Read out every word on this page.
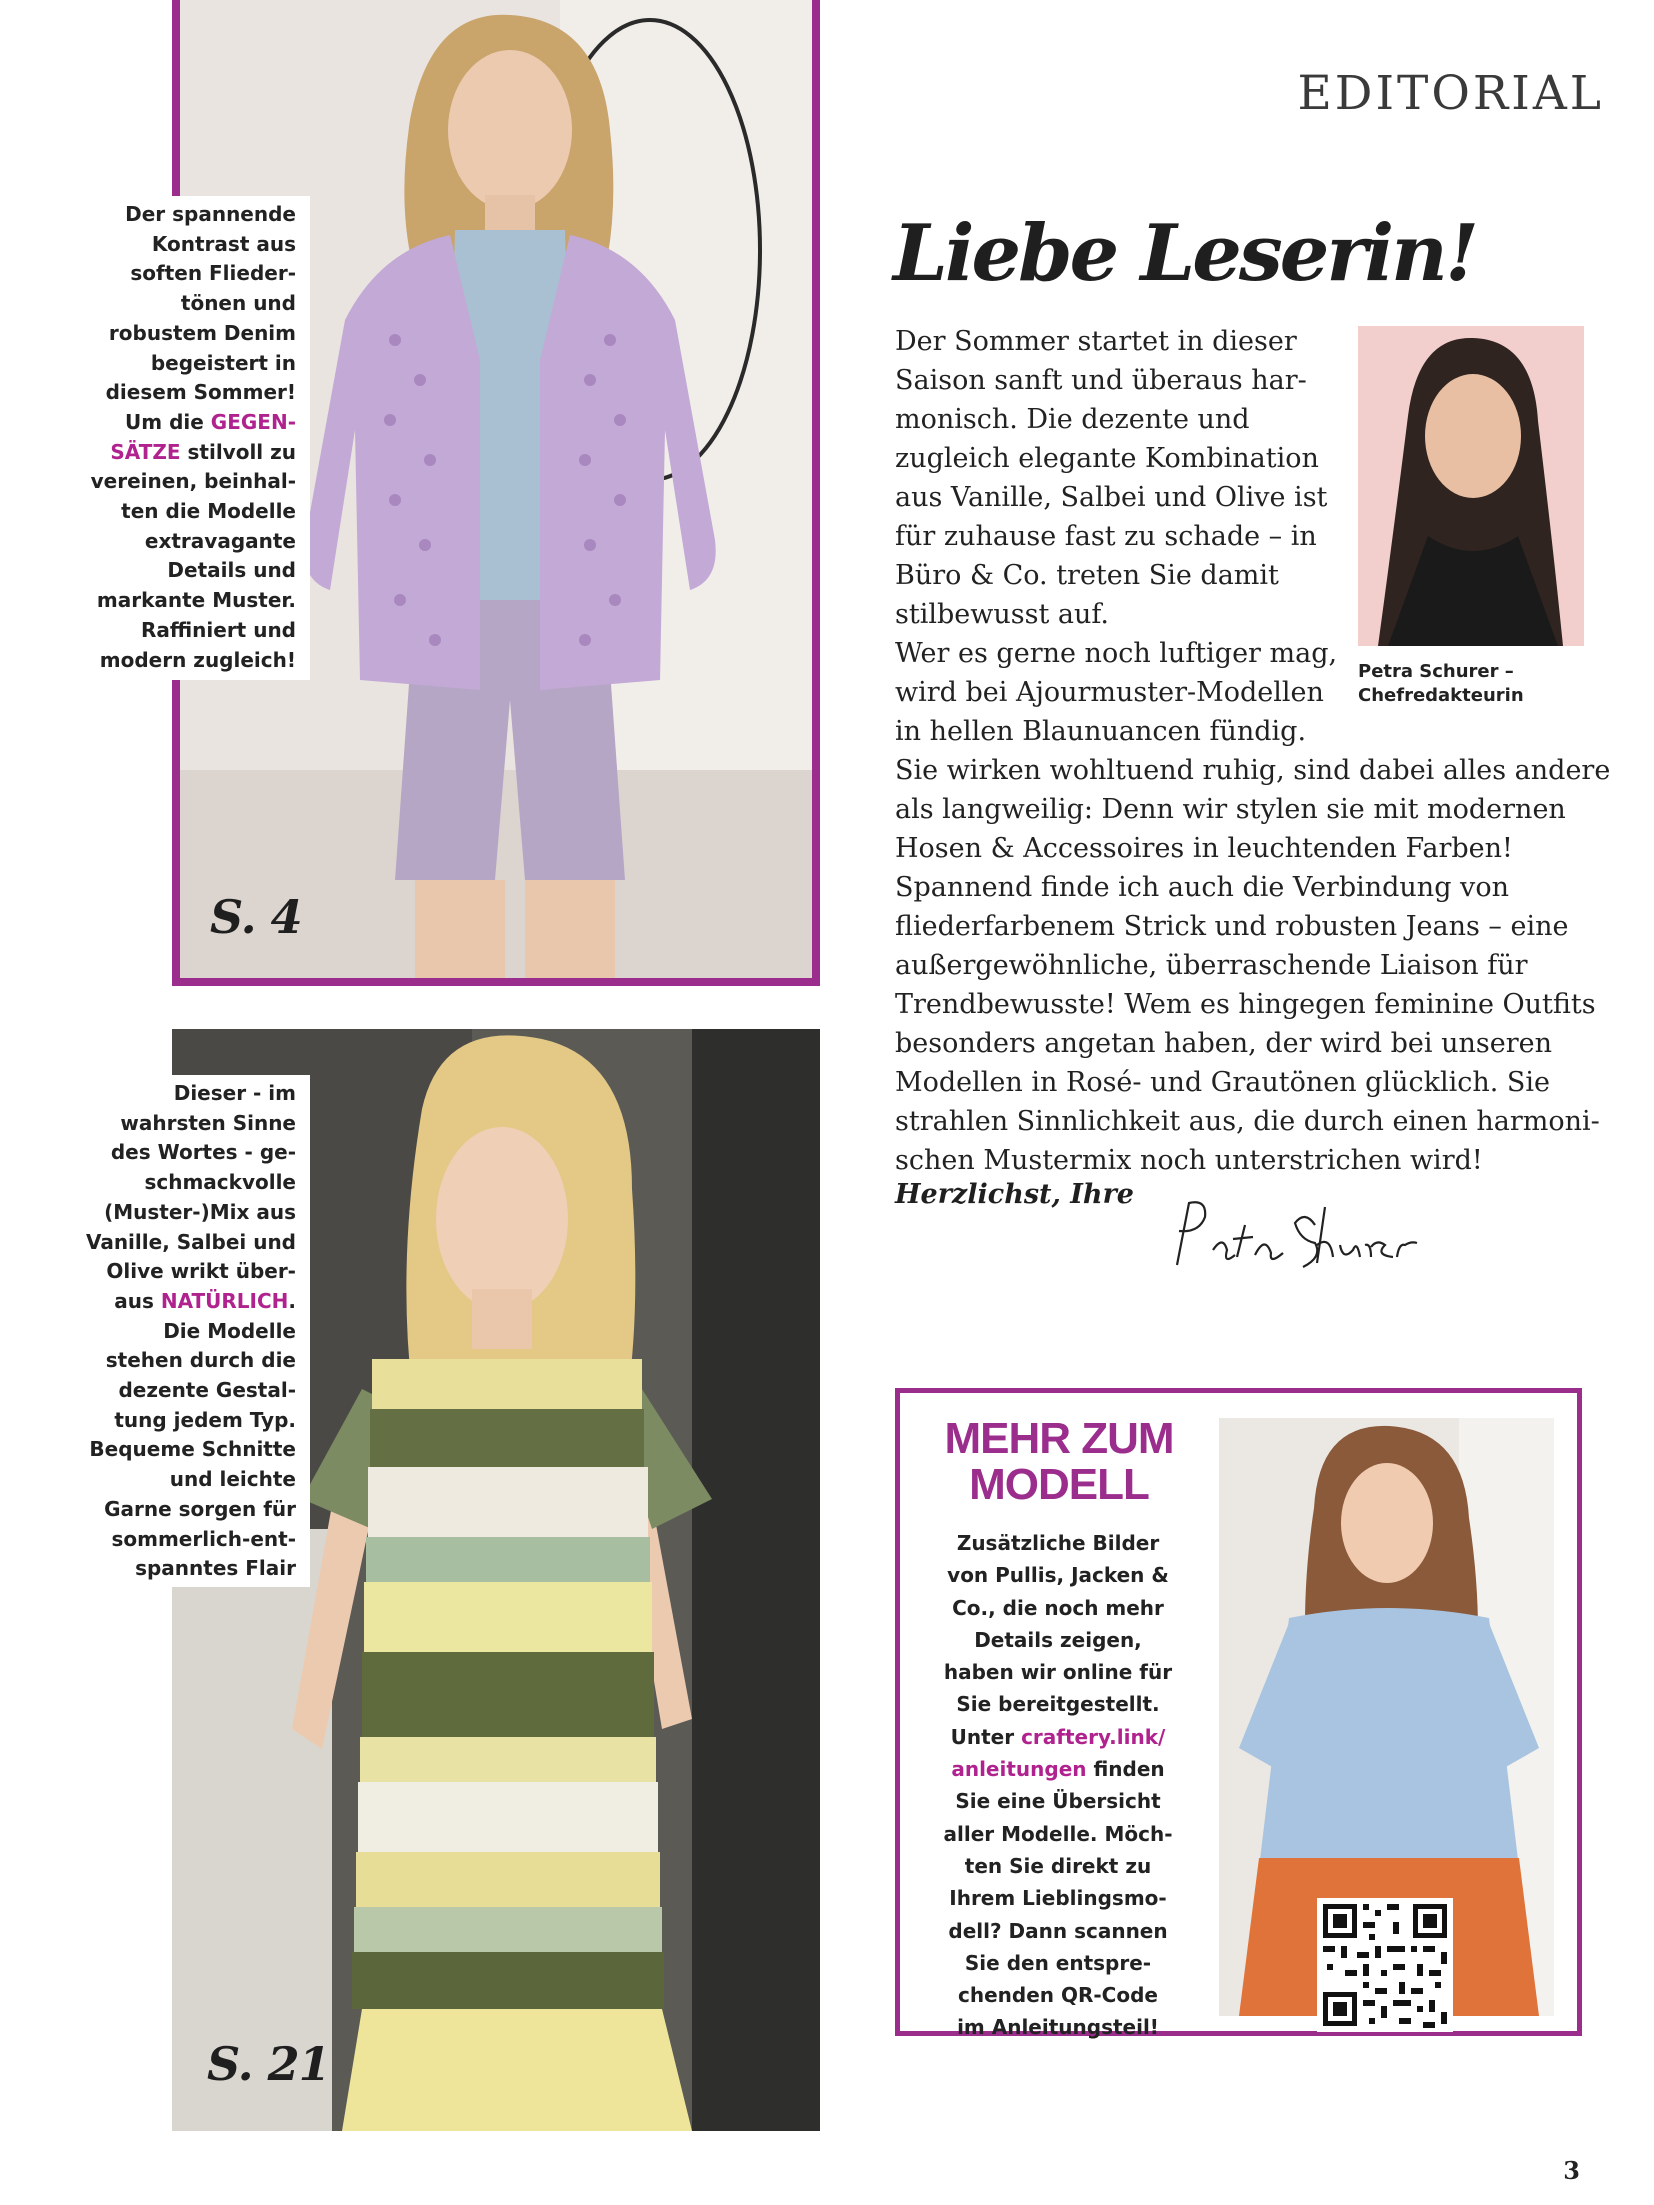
EDITORIAL
S. 4
Der spannende
Kontrast aus
soften Flieder-
tönen und
robustem Denim
begeistert in
diesem Sommer!
Um die GEGEN-
SÄTZE stilvoll zu
vereinen, beinhal-
ten die Modelle
extravagante
Details und
markante Muster.
Raffiniert und
modern zugleich!
S. 21
Dieser - im
wahrsten Sinne
des Wortes - ge-
schmackvolle
(Muster-)Mix aus
Vanille, Salbei und
Olive wrikt über-
aus NATÜRLICH.
Die Modelle
stehen durch die
dezente Gestal-
tung jedem Typ.
Bequeme Schnitte
und leichte
Garne sorgen für
sommerlich-ent-
spanntes Flair
Liebe Leserin!
Petra Schurer –
Chefredakteurin
Der Sommer startet in dieser
Saison sanft und überaus har-
monisch. Die dezente und
zugleich elegante Kombination
aus Vanille, Salbei und Olive ist
für zuhause fast zu schade – in
Büro & Co. treten Sie damit
stilbewusst auf.
Wer es gerne noch luftiger mag,
wird bei Ajourmuster-Modellen
in hellen Blaunuancen fündig.
Sie wirken wohltuend ruhig, sind dabei alles andere
als langweilig: Denn wir stylen sie mit modernen
Hosen & Accessoires in leuchtenden Farben!
Spannend finde ich auch die Verbindung von
fliederfarbenem Strick und robusten Jeans – eine
außergewöhnliche, überraschende Liaison für
Trendbewusste! Wem es hingegen feminine Outfits
besonders angetan haben, der wird bei unseren
Modellen in Rosé- und Grautönen glücklich. Sie
strahlen Sinnlichkeit aus, die durch einen harmoni-
schen Mustermix noch unterstrichen wird!
Herzlichst, Ihre
MEHR ZUM
MODELL
Zusätzliche Bilder
von Pullis, Jacken &
Co., die noch mehr
Details zeigen,
haben wir online für
Sie bereitgestellt.
Unter craftery.link/
anleitungen finden
Sie eine Übersicht
aller Modelle. Möch-
ten Sie direkt zu
Ihrem Lieblingsmo-
dell? Dann scannen
Sie den entspre-
chenden QR-Code
im Anleitungsteil!
3
